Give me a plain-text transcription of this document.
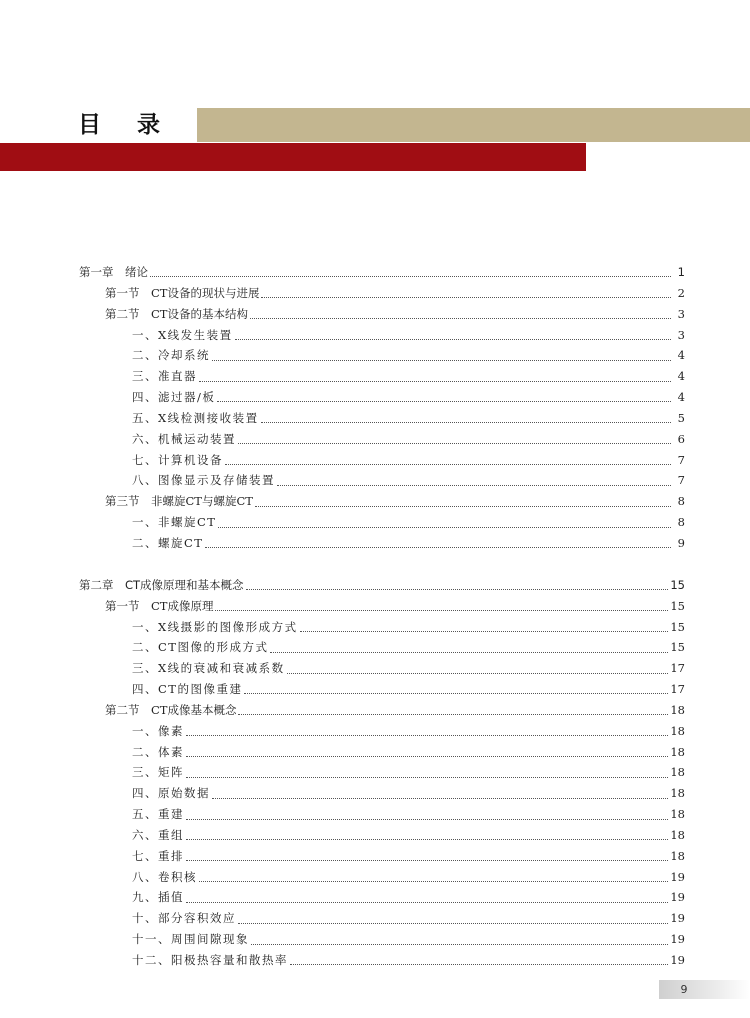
目 录
第一章　绪论	1
第一节　CT设备的现状与进展	2
第二节　CT设备的基本结构	3
一、X线发生装置	3
二、冷却系统	4
三、准直器	4
四、滤过器/板	4
五、X线检测接收装置	5
六、机械运动装置	6
七、计算机设备	7
八、图像显示及存储装置	7
第三节　非螺旋CT与螺旋CT	8
一、非螺旋CT	8
二、螺旋CT	9
第二章　CT成像原理和基本概念	15
第一节　CT成像原理	15
一、X线摄影的图像形成方式	15
二、CT图像的形成方式	15
三、X线的衰减和衰减系数	17
四、CT的图像重建	17
第二节　CT成像基本概念	18
一、像素	18
二、体素	18
三、矩阵	18
四、原始数据	18
五、重建	18
六、重组	18
七、重排	18
八、卷积核	19
九、插值	19
十、部分容积效应	19
十一、周围间隙现象	19
十二、阳极热容量和散热率	19
9
